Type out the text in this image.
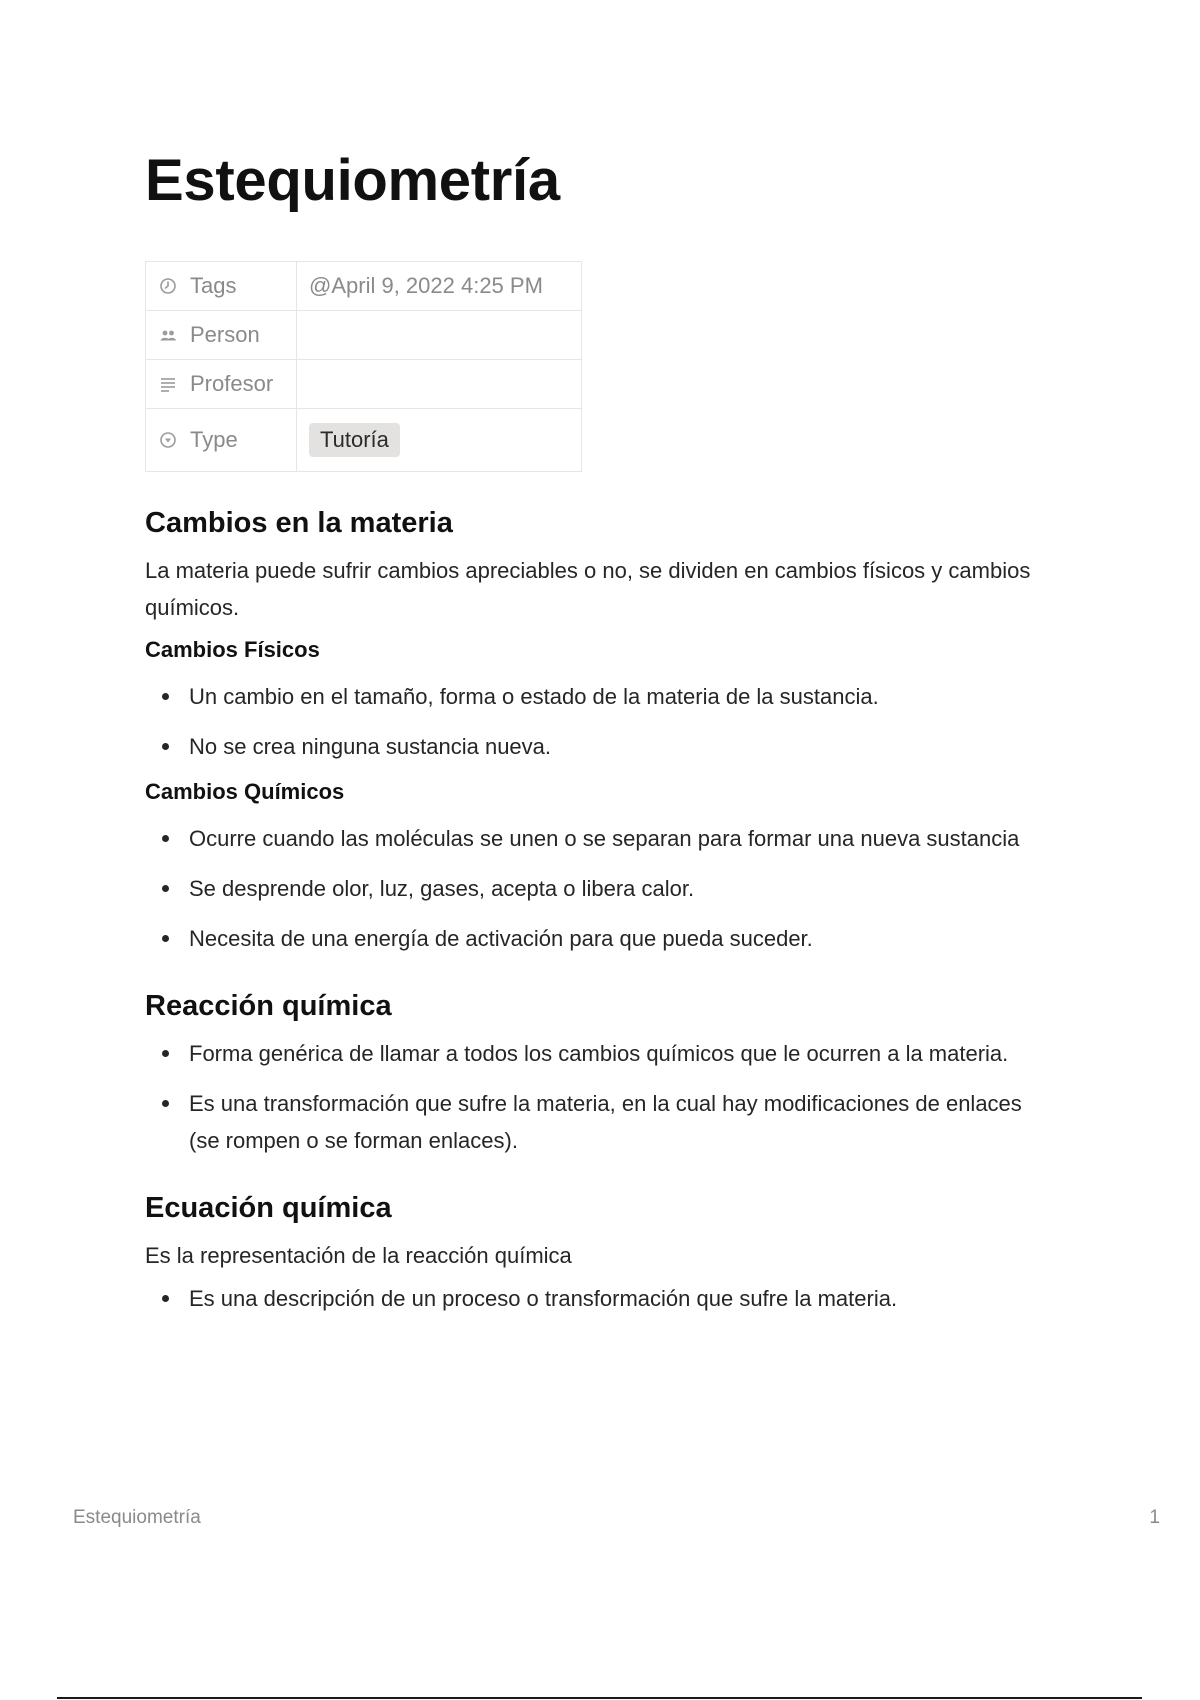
Estequiometría
Tags	@April 9, 2022 4:25 PM

Person	

Profesor	

Type	Tutoría
Cambios en la materia

La materia puede sufrir cambios apreciables o no, se dividen en cambios físicos y cambios químicos.

Cambios Físicos
Un cambio en el tamaño, forma o estado de la materia de la sustancia.
No se crea ninguna sustancia nueva.
Cambios Químicos
Ocurre cuando las moléculas se unen o se separan para formar una nueva sustancia
Se desprende olor, luz, gases, acepta o libera calor.
Necesita de una energía de activación para que pueda suceder.
Reacción química
Forma genérica de llamar a todos los cambios químicos que le ocurren a la materia.
Es una transformación que sufre la materia, en la cual hay modificaciones de enlaces (se rompen o se forman enlaces).
Ecuación química

Es la representación de la reacción química

Es una descripción de un proceso o transformación que sufre la materia.
Estequiometría	1
